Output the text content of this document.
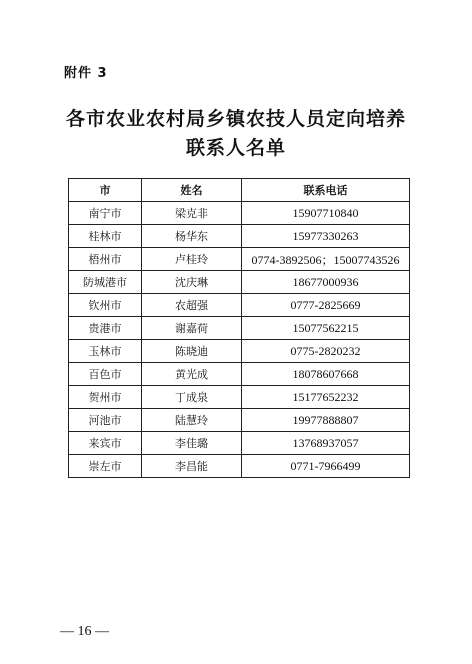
附件 3
各市农业农村局乡镇农技人员定向培养
联系人名单
市	姓名	联系电话
南宁市	梁克非	15907710840
桂林市	杨华东	15977330263
梧州市	卢桂玲	0774-3892506；15007743526
防城港市	沈庆琳	18677000936
钦州市	农超强	0777-2825669
贵港市	谢嘉荷	15077562215
玉林市	陈晓迪	0775-2820232
百色市	黄光成	18078607668
贺州市	丁成泉	15177652232
河池市	陆慧玲	19977888807
来宾市	李佳璐	13768937057
崇左市	李昌能	0771-7966499
— 16 —
